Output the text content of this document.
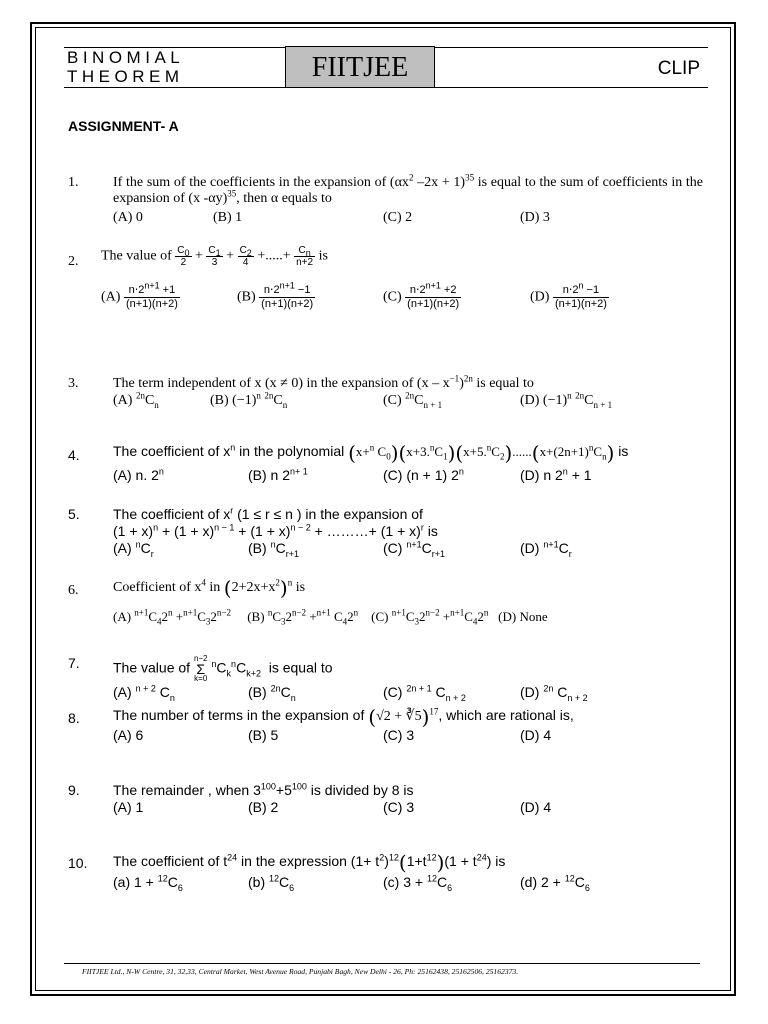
BINOMIAL
THEOREM	FIITJEE	CLIP
ASSIGNMENT- A
1. If the sum of the coefficients in the expansion of ($\alpha x^2$ –2x + 1)$^{35}$ is equal to the sum of coefficients in the expansion of (x -αy)$^{35}$, then α equals to
(A) 0	(B) 1	(C) 2	(D) 3
2. The value of $\frac{C_0}{2} + \frac{C_1}{3} + \frac{C_2}{4}$ +.....+ $\frac{C_n}{n+2}$ is
$(A) \frac{n\cdot 2^{n+1} +1}{(n+1)(n+2)}$	$(B) \frac{n\cdot 2^{n+1} -1}{(n+1)(n+2)}$	$(C) \frac{n\cdot 2^{n+1} +2}{(n+1)(n+2)}$	$(D) \frac{n\cdot 2^n -1}{(n+1)(n+2)}$
3. The term independent of x (x ≠ 0) in the expansion of $(x - x^{-1})^{2n}$ is equal to
(A) $^{2n}C_n$	(B) $(-1)^n$ $^{2n}C_n$	(C) $^{2n}C_{n + 1}$	(D) $(-1)^n$ $^{2n}C_{n + 1}$
4. The coefficient of $x^n$ in the polynomial (x+$^n$ $C_0)(x+3.^nC_1)(x+5.^nC_2)......(x+(2n+1)^nC_n)$ is
(A) n. 2$^n$	(B) n $2^{n+ 1}$	(C) (n + 1) 2$^n$	(D) n $2^n + 1$
5. The coefficient of $x^r$ (1 ≤ r ≤ n ) in the expansion of
$(1 + x)^n + (1 + x)^{n - 1} + (1 + x)^{n - 2}$ + ………+ $(1 + x)^r$ is
(A) $^nC_r$	(B) $^nC_{r+1}$	(C) $^{n+1}C_{r+1}$	(D) $^{n+1}C_r$
6. Coefficient of $x^4$ in $(2+2x+x^2)^n$ is
(A) $^{n+1}C_42^n +^{n+1}C_32^{n-2}$ (B) $^nC_32^{n-2} +^{n+1}$ $C_42^n$ (C) $^{n+1}C_32^{n-2} +^{n+1}C_42^n$ (D) None
7. The value of
n−2
Σ
k=0
$^nC_k^nC_{k+2}$  is equal to
(A) $^{n + 2}$ $C_n$	(B) $^{2n}C_n$	(C) $^{2n + 1}$ $C_{n + 2}$	(D) $^{2n}$ $C_{n + 2}$
8. The number of terms in the expansion of (√2 + ∛5)$^{17}$, which are rational is,
(A) 6	(B) 5	(C) 3	(D) 4
9. The remainder , when $3^{100}+5^{100}$ is divided by 8 is
(A) 1	(B) 2	(C) 3	(D) 4
10. The coefficient of $t^{24}$ in the expression $(1+ t^2)^{12}(1+t^{12})(1 + t^{24})$ is
(a) $1 + ^{12}C_6$	(b) $^{12}C_6$	(c) $3 + ^{12}C_6$	(d) $2 + ^{12}C_6$
FIITJEE Ltd., N-W Centre, 31, 32,33, Central Market, West Avenue Road, Punjabi Bagh, New Delhi - 26, Ph: 25162438, 25162506, 25162373.
